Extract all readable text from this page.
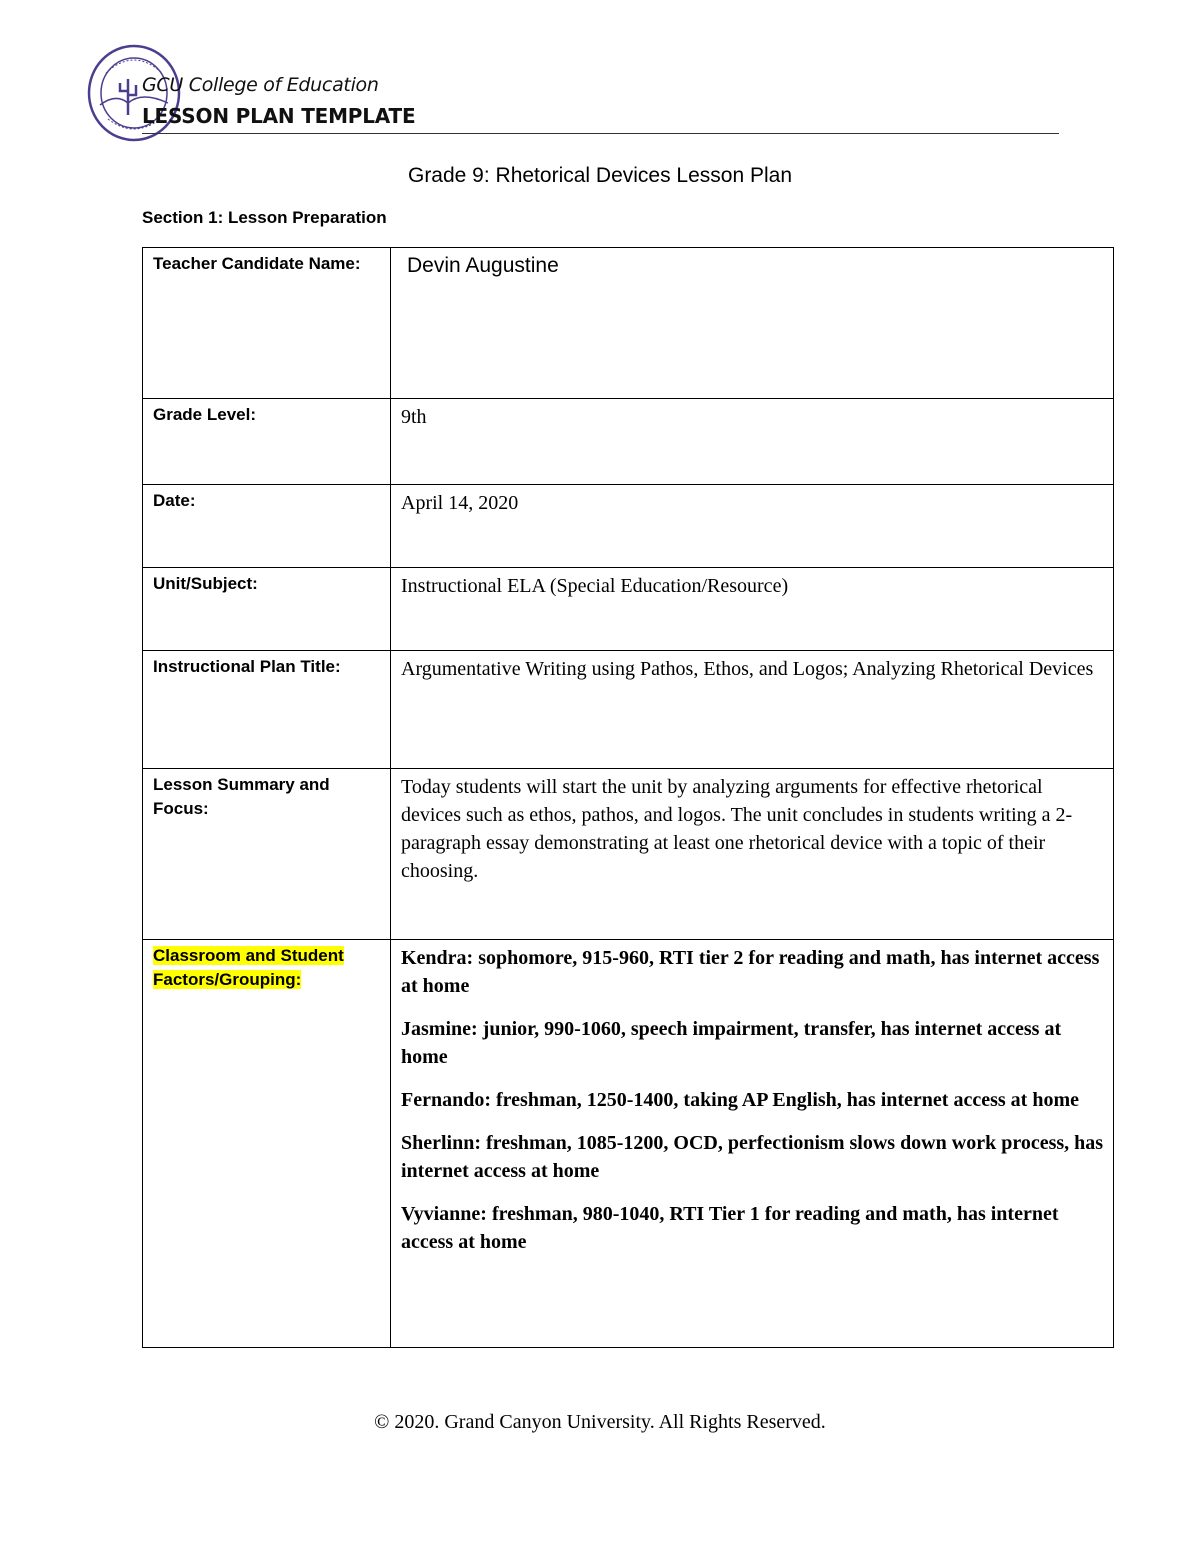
GCU College of Education
LESSON PLAN TEMPLATE
Grade 9: Rhetorical Devices Lesson Plan
Section 1: Lesson Preparation
Teacher Candidate Name:	Devin Augustine
Grade Level:	9th
Date:	April 14, 2020
Unit/Subject:	Instructional ELA (Special Education/Resource)
Instructional Plan Title:	Argumentative Writing using Pathos, Ethos, and Logos; Analyzing Rhetorical Devices
Lesson Summary and Focus:	Today students will start the unit by analyzing arguments for effective rhetorical devices such as ethos, pathos, and logos. The unit concludes in students writing a 2-paragraph essay demonstrating at least one rhetorical device with a topic of their choosing.
Classroom and Student Factors/Grouping:	Kendra: sophomore, 915-960, RTI tier 2 for reading and math, has internet access at home
Jasmine: junior, 990-1060, speech impairment, transfer, has internet access at home
Fernando: freshman, 1250-1400, taking AP English, has internet access at home
Sherlinn: freshman, 1085-1200, OCD, perfectionism slows down work process, has internet access at home
Vyvianne: freshman, 980-1040, RTI Tier 1 for reading and math, has internet access at home
© 2020. Grand Canyon University. All Rights Reserved.
